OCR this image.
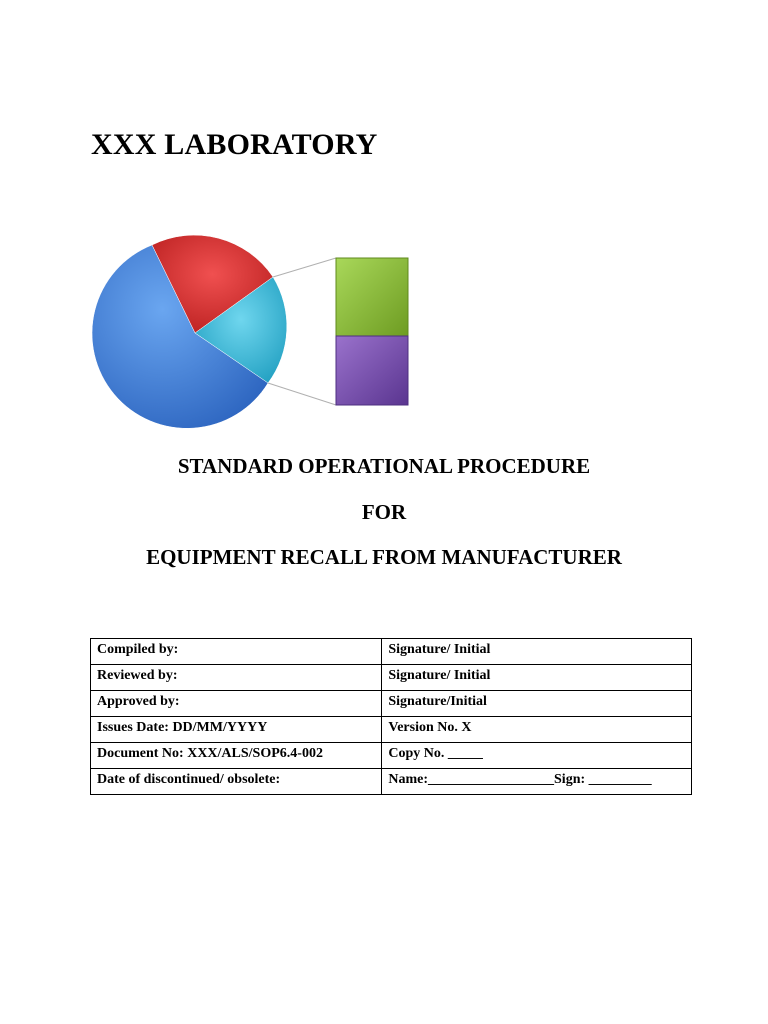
XXX LABORATORY
STANDARD OPERATIONAL PROCEDURE
FOR
EQUIPMENT RECALL FROM MANUFACTURER
Compiled by:	Signature/ Initial
Reviewed by:	Signature/ Initial
Approved by:	Signature/Initial
Issues Date: DD/MM/YYYY	Version No. X
Document No: XXX/ALS/SOP6.4-002	Copy No. _____
Date of discontinued/ obsolete:	Name:__________________Sign: _________
